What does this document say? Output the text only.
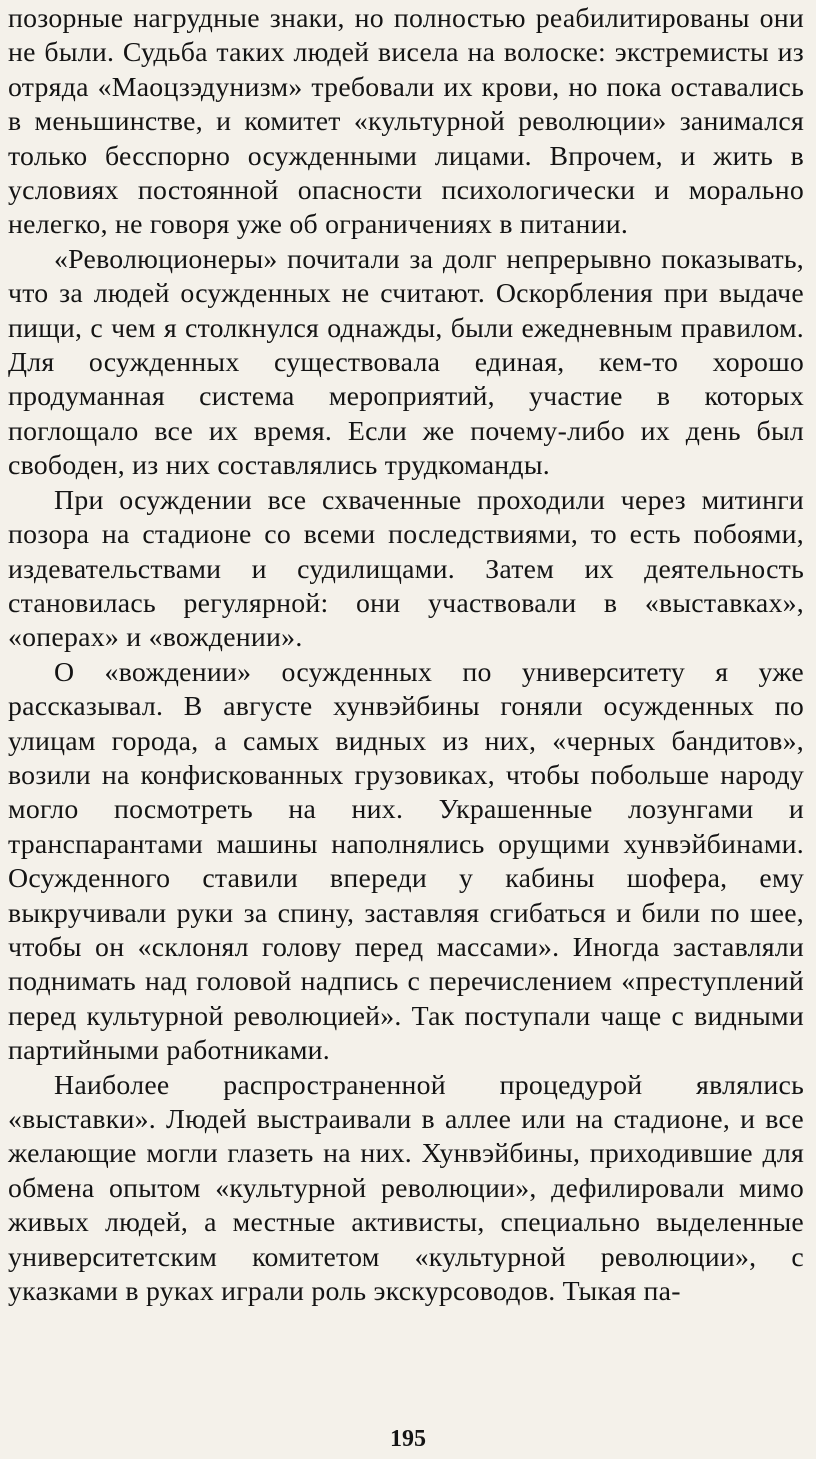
позорные нагрудные знаки, но полностью реабилитированы они не были. Судьба таких людей висела на волоске: экстремисты из отряда «Маоцзэдунизм» требовали их крови, но пока оставались в меньшинстве, и комитет «культурной революции» занимался только бесспорно осужденными лицами. Впрочем, и жить в условиях постоянной опасности психологически и морально нелегко, не говоря уже об ограничениях в питании.

«Революционеры» почитали за долг непрерывно показывать, что за людей осужденных не считают. Оскорбления при выдаче пищи, с чем я столкнулся однажды, были ежедневным правилом. Для осужденных существовала единая, кем-то хорошо продуманная система мероприятий, участие в которых поглощало все их время. Если же почему-либо их день был свободен, из них составлялись трудкоманды.

При осуждении все схваченные проходили через митинги позора на стадионе со всеми последствиями, то есть побоями, издевательствами и судилищами. Затем их деятельность становилась регулярной: они участвовали в «выставках», «операх» и «вождении».

О «вождении» осужденных по университету я уже рассказывал. В августе хунвэйбины гоняли осужденных по улицам города, а самых видных из них, «черных бандитов», возили на конфискованных грузовиках, чтобы побольше народу могло посмотреть на них. Украшенные лозунгами и транспарантами машины наполнялись орущими хунвэйбинами. Осужденного ставили впереди у кабины шофера, ему выкручивали руки за спину, заставляя сгибаться и били по шее, чтобы он «склонял голову перед массами». Иногда заставляли поднимать над головой надпись с перечислением «преступлений перед культурной революцией». Так поступали чаще с видными партийными работниками.

Наиболее распространенной процедурой являлись «выставки». Людей выстраивали в аллее или на стадионе, и все желающие могли глазеть на них. Хунвэйбины, приходившие для обмена опытом «культурной революции», дефилировали мимо живых людей, а местные активисты, специально выделенные университетским комитетом «культурной революции», с указками в руках играли роль экскурсоводов. Тыкая па-

195
